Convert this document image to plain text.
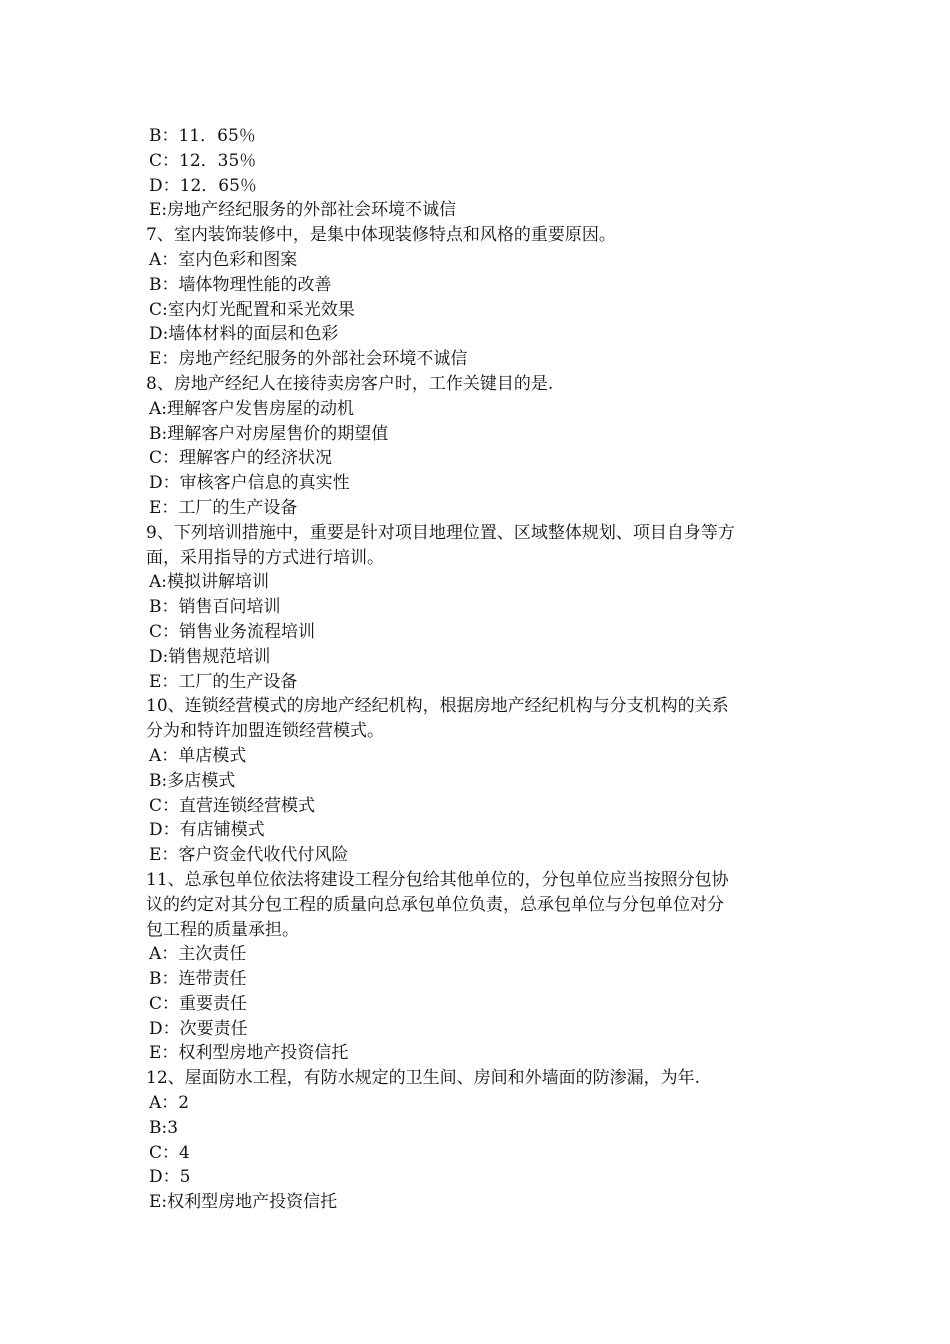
B：11．65％
C：12．35％
D：12．65％
E:房地产经纪服务的外部社会环境不诚信
7、室内装饰装修中，是集中体现装修特点和风格的重要原因。
A：室内色彩和图案
B：墙体物理性能的改善
C:室内灯光配置和采光效果
D:墙体材料的面层和色彩
E：房地产经纪服务的外部社会环境不诚信
8、房地产经纪人在接待卖房客户时，工作关键目的是.
A:理解客户发售房屋的动机
B:理解客户对房屋售价的期望值
C：理解客户的经济状况
D：审核客户信息的真实性
E：工厂的生产设备
9、下列培训措施中，重要是针对项目地理位置、区域整体规划、项目自身等方
面，采用指导的方式进行培训。
A:模拟讲解培训
B：销售百问培训
C：销售业务流程培训
D:销售规范培训
E：工厂的生产设备
10、连锁经营模式的房地产经纪机构，根据房地产经纪机构与分支机构的关系
分为和特许加盟连锁经营模式。
A：单店模式
B:多店模式
C：直营连锁经营模式
D：有店铺模式
E：客户资金代收代付风险
11、总承包单位依法将建设工程分包给其他单位的，分包单位应当按照分包协
议的约定对其分包工程的质量向总承包单位负责，总承包单位与分包单位对分
包工程的质量承担。
A：主次责任
B：连带责任
C：重要责任
D：次要责任
E：权利型房地产投资信托
12、屋面防水工程，有防水规定的卫生间、房间和外墙面的防渗漏，为年.
A：2
B:3
C：4
D：5
E:权利型房地产投资信托
